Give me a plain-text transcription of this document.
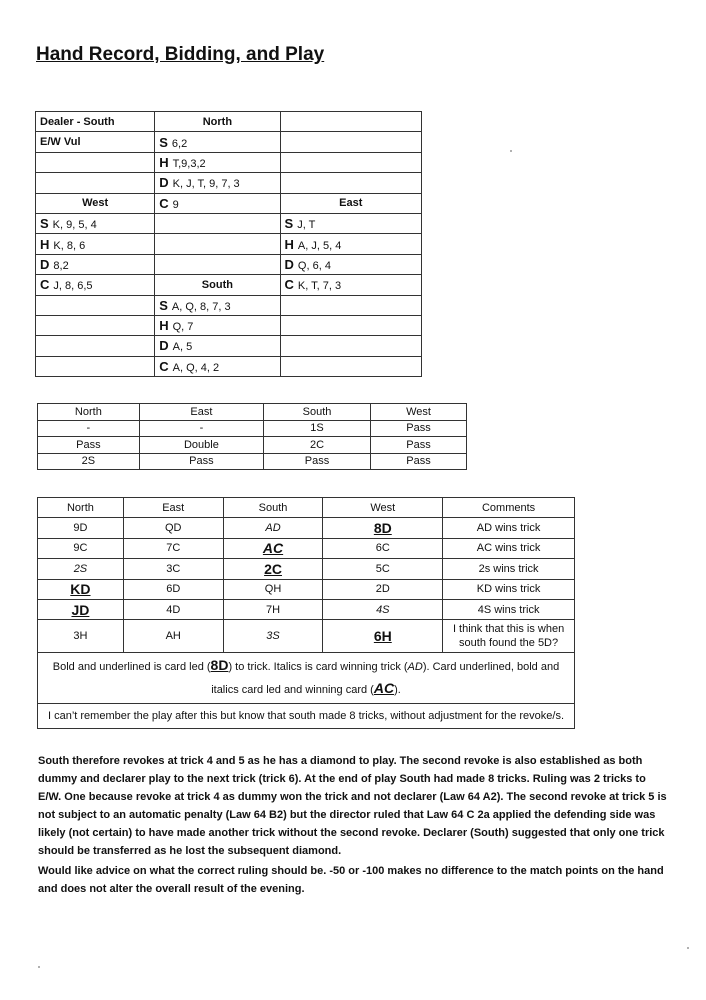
Hand Record, Bidding, and Play
Dealer - South	North	
E/W Vul	S 6,2	
	H T,9,3,2	
	D K, J, T, 9, 7, 3	
West	C 9	East
S K, 9, 5, 4		S J, T
H K, 8, 6		H A, J, 5, 4
D 8,2		D Q, 6, 4
C J, 8, 6,5	South	C K, T, 7, 3
	S A, Q, 8, 7, 3	
	H Q, 7	
	D A, 5	
	C A, Q, 4, 2	
North	East	South	West
-	-	1S	Pass
Pass	Double	2C	Pass
2S	Pass	Pass	Pass
North	East	South	West	Comments
9D	QD	AD	8D	AD wins trick
9C	7C	AC	6C	AC wins trick
2S	3C	2C	5C	2s wins trick
KD	6D	QH	2D	KD wins trick
JD	4D	7H	4S	4S wins trick
3H	AH	3S	6H	I think that this is when south found the 5D?
Bold and underlined is card led (8D) to trick. Italics is card winning trick (AD). Card underlined, bold and italics card led and winning card (AC).				
I can’t remember the play after this but know that south made 8 tricks, without adjustment for the revoke/s.				

South therefore revokes at trick 4 and 5 as he has a diamond to play. The second revoke is also established as both dummy and declarer play to the next trick (trick 6). At the end of play South had made 8 tricks. Ruling was 2 tricks to E/W. One because revoke at trick 4 as dummy won the trick and not declarer (Law 64 A2). The second revoke at trick 5 is not subject to an automatic penalty (Law 64 B2) but the director ruled that Law 64 C 2a applied the defending side was likely (not certain) to have made another trick without the second revoke. Declarer (South) suggested that only one trick should be transferred as he lost the subsequent diamond.

Would like advice on what the correct ruling should be. -50 or -100 makes no difference to the match points on the hand and does not alter the overall result of the evening.
